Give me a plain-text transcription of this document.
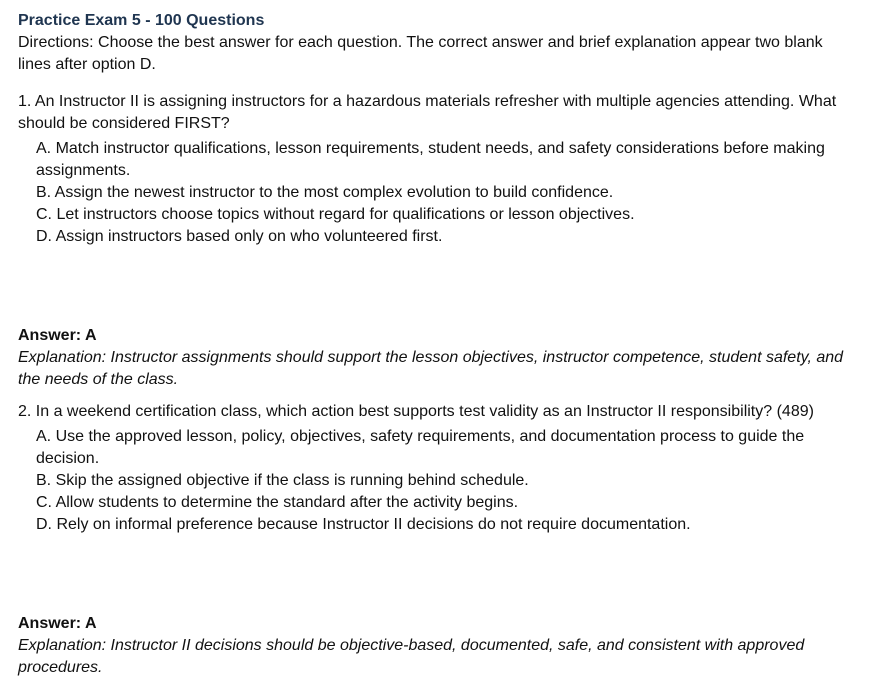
Practice Exam 5 - 100 Questions

Directions: Choose the best answer for each question. The correct answer and brief explanation appear two blank lines after option D.

1. An Instructor II is assigning instructors for a hazardous materials refresher with multiple agencies attending. What should be considered FIRST?

A. Match instructor qualifications, lesson requirements, student needs, and safety considerations before making assignments.
B. Assign the newest instructor to the most complex evolution to build confidence.
C. Let instructors choose topics without regard for qualifications or lesson objectives.
D. Assign instructors based only on who volunteered first.

Answer: A

Explanation: Instructor assignments should support the lesson objectives, instructor competence, student safety, and the needs of the class.

2. In a weekend certification class, which action best supports test validity as an Instructor II responsibility? (489)

A. Use the approved lesson, policy, objectives, safety requirements, and documentation process to guide the decision.
B. Skip the assigned objective if the class is running behind schedule.
C. Allow students to determine the standard after the activity begins.
D. Rely on informal preference because Instructor II decisions do not require documentation.

Answer: A

Explanation: Instructor II decisions should be objective-based, documented, safe, and consistent with approved procedures.
